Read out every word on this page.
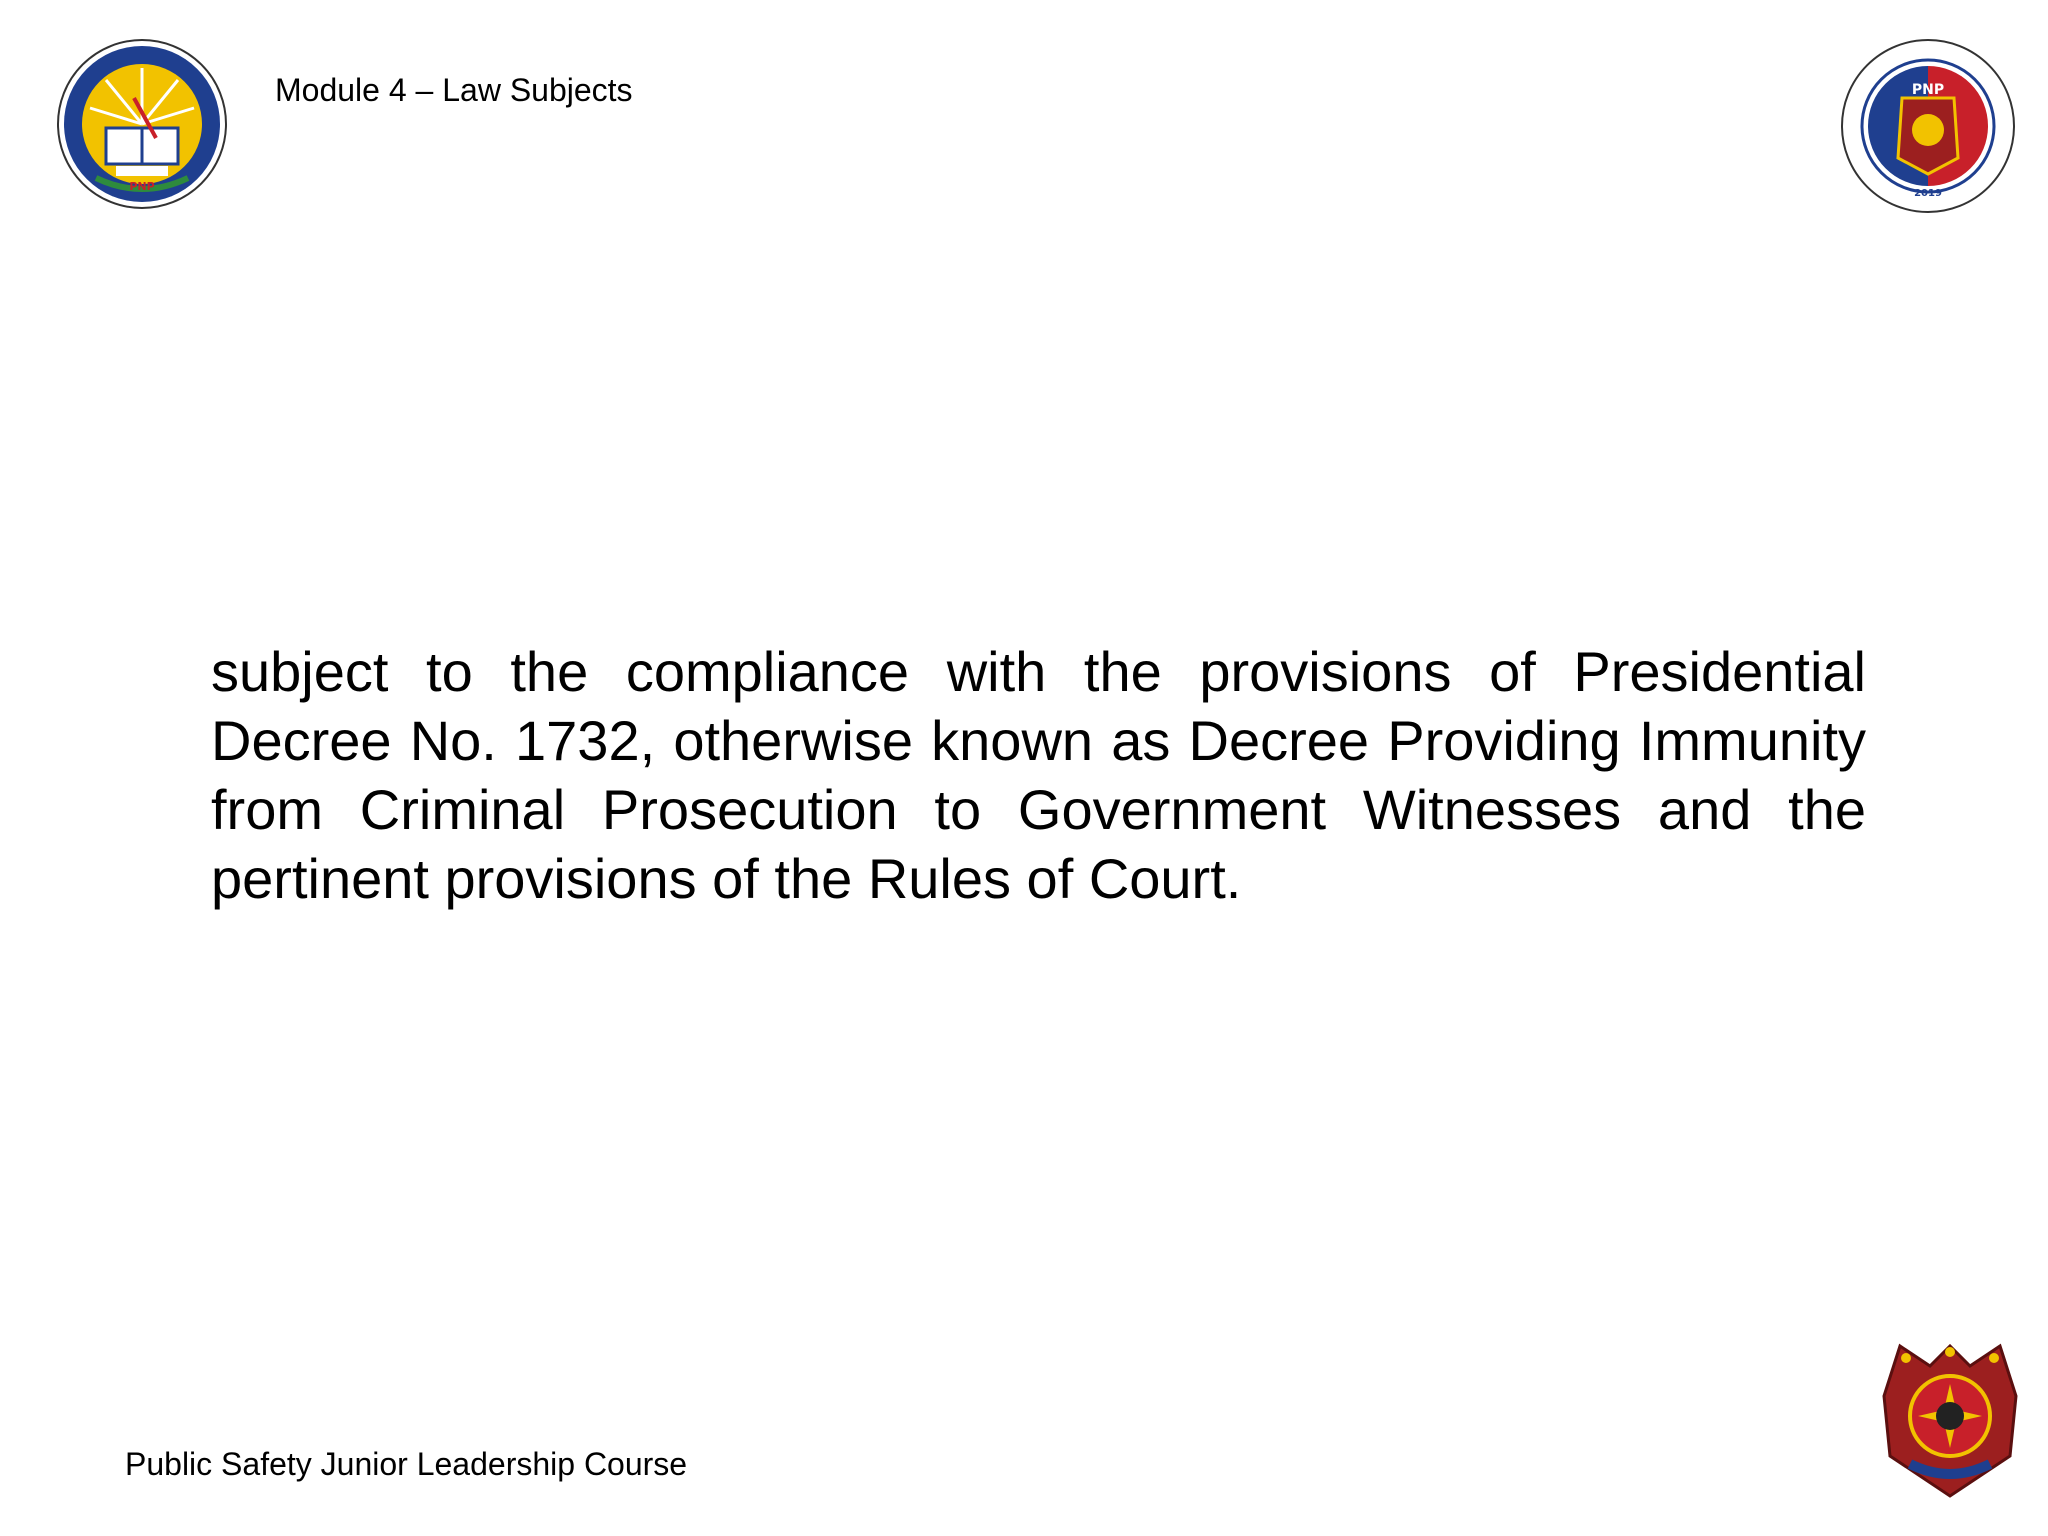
PNP
Module 4 – Law Subjects	PNP
2019

subject to the compliance with the provisions of Presidential Decree No. 1732, otherwise known as Decree Providing Immunity from Criminal Prosecution to Government Witnesses and the pertinent provisions of the Rules of Court.

Public Safety Junior Leadership Course
